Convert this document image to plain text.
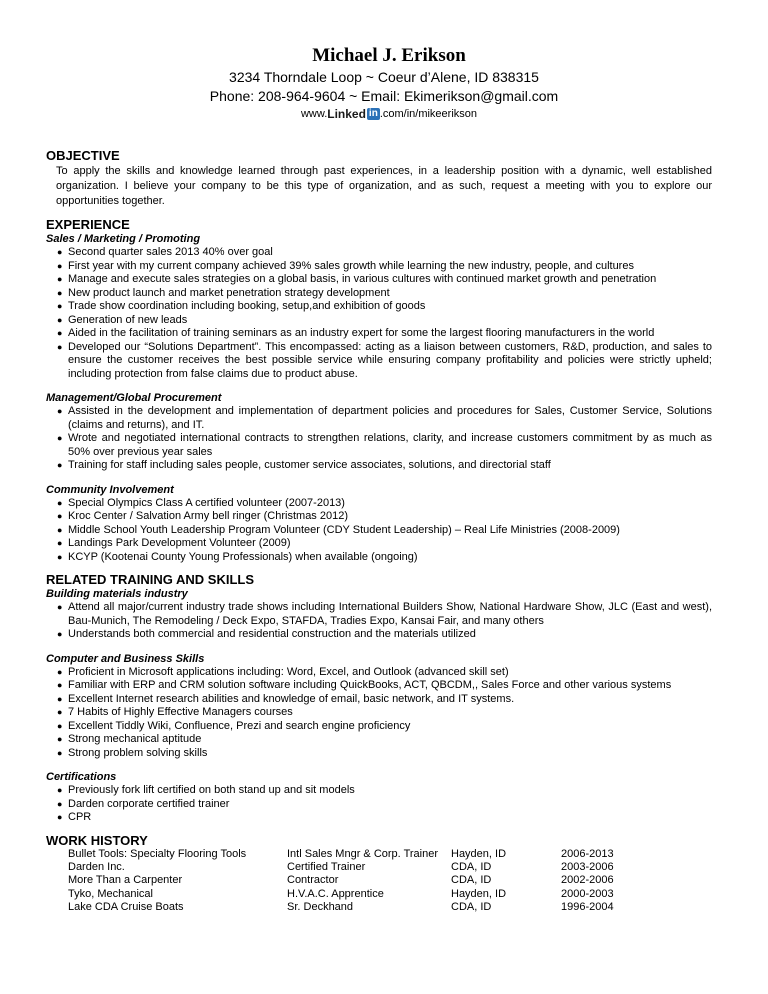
Michael J. Erikson
3234 Thorndale Loop ~ Coeur d’Alene, ID 838315
Phone: 208-964-9604 ~ Email: Ekimerikson@gmail.com
www. Linked in .com/in/mikeerikson
OBJECTIVE
To apply the skills and knowledge learned through past experiences, in a leadership position with a dynamic, well established organization. I believe your company to be this type of organization, and as such, request a meeting with you to explore our opportunities together.
EXPERIENCE
Sales / Marketing / Promoting
● Second quarter sales 2013 40% over goal
● First year with my current company achieved 39% sales growth while learning the new industry, people, and cultures
● Manage and execute sales strategies on a global basis, in various cultures with continued market growth and penetration
● New product launch and market penetration strategy development
● Trade show coordination including booking, setup,and exhibition of goods
● Generation of new leads
● Aided in the facilitation of training seminars as an industry expert for some the largest flooring manufacturers in the world
● Developed our “Solutions Department”. This encompassed: acting as a liaison between customers, R&D, production, and sales to ensure the customer receives the best possible service while ensuring company profitability and policies were strictly upheld; including protection from false claims due to product abuse.
Management/Global Procurement
● Assisted in the development and implementation of department policies and procedures for Sales, Customer Service, Solutions (claims and returns), and IT.
● Wrote and negotiated international contracts to strengthen relations, clarity, and increase customers commitment by as much as 50% over previous year sales
● Training for staff including sales people, customer service associates, solutions, and directorial staff
Community Involvement
● Special Olympics Class A certified volunteer (2007-2013)
● Kroc Center / Salvation Army bell ringer (Christmas 2012)
● Middle School Youth Leadership Program Volunteer (CDY Student Leadership) – Real Life Ministries (2008-2009)
● Landings Park Development Volunteer (2009)
● KCYP (Kootenai County Young Professionals) when available (ongoing)
RELATED TRAINING AND SKILLS
Building materials industry
● Attend all major/current industry trade shows including International Builders Show, National Hardware Show, JLC (East and west), Bau-Munich, The Remodeling / Deck Expo, STAFDA, Tradies Expo, Kansai Fair, and many others
● Understands both commercial and residential construction and the materials utilized
Computer and Business Skills
● Proficient in Microsoft applications including: Word, Excel, and Outlook (advanced skill set)
● Familiar with ERP and CRM solution software including QuickBooks, ACT, QBCDM,, Sales Force and other various systems
● Excellent Internet research abilities and knowledge of email, basic network, and IT systems.
● 7 Habits of Highly Effective Managers courses
● Excellent Tiddly Wiki, Confluence, Prezi and search engine proficiency
● Strong mechanical aptitude
● Strong problem solving skills
Certifications
● Previously fork lift certified on both stand up and sit models
● Darden corporate certified trainer
● CPR
WORK HISTORY
Bullet Tools: Specialty Flooring Tools	Intl Sales Mngr & Corp. Trainer	Hayden, ID	2006-2013
Darden Inc.	Certified Trainer	CDA, ID	2003-2006
More Than a Carpenter	Contractor	CDA, ID	2002-2006
Tyko, Mechanical	H.V.A.C. Apprentice	Hayden, ID	2000-2003
Lake CDA Cruise Boats	Sr. Deckhand	CDA, ID	1996-2004
